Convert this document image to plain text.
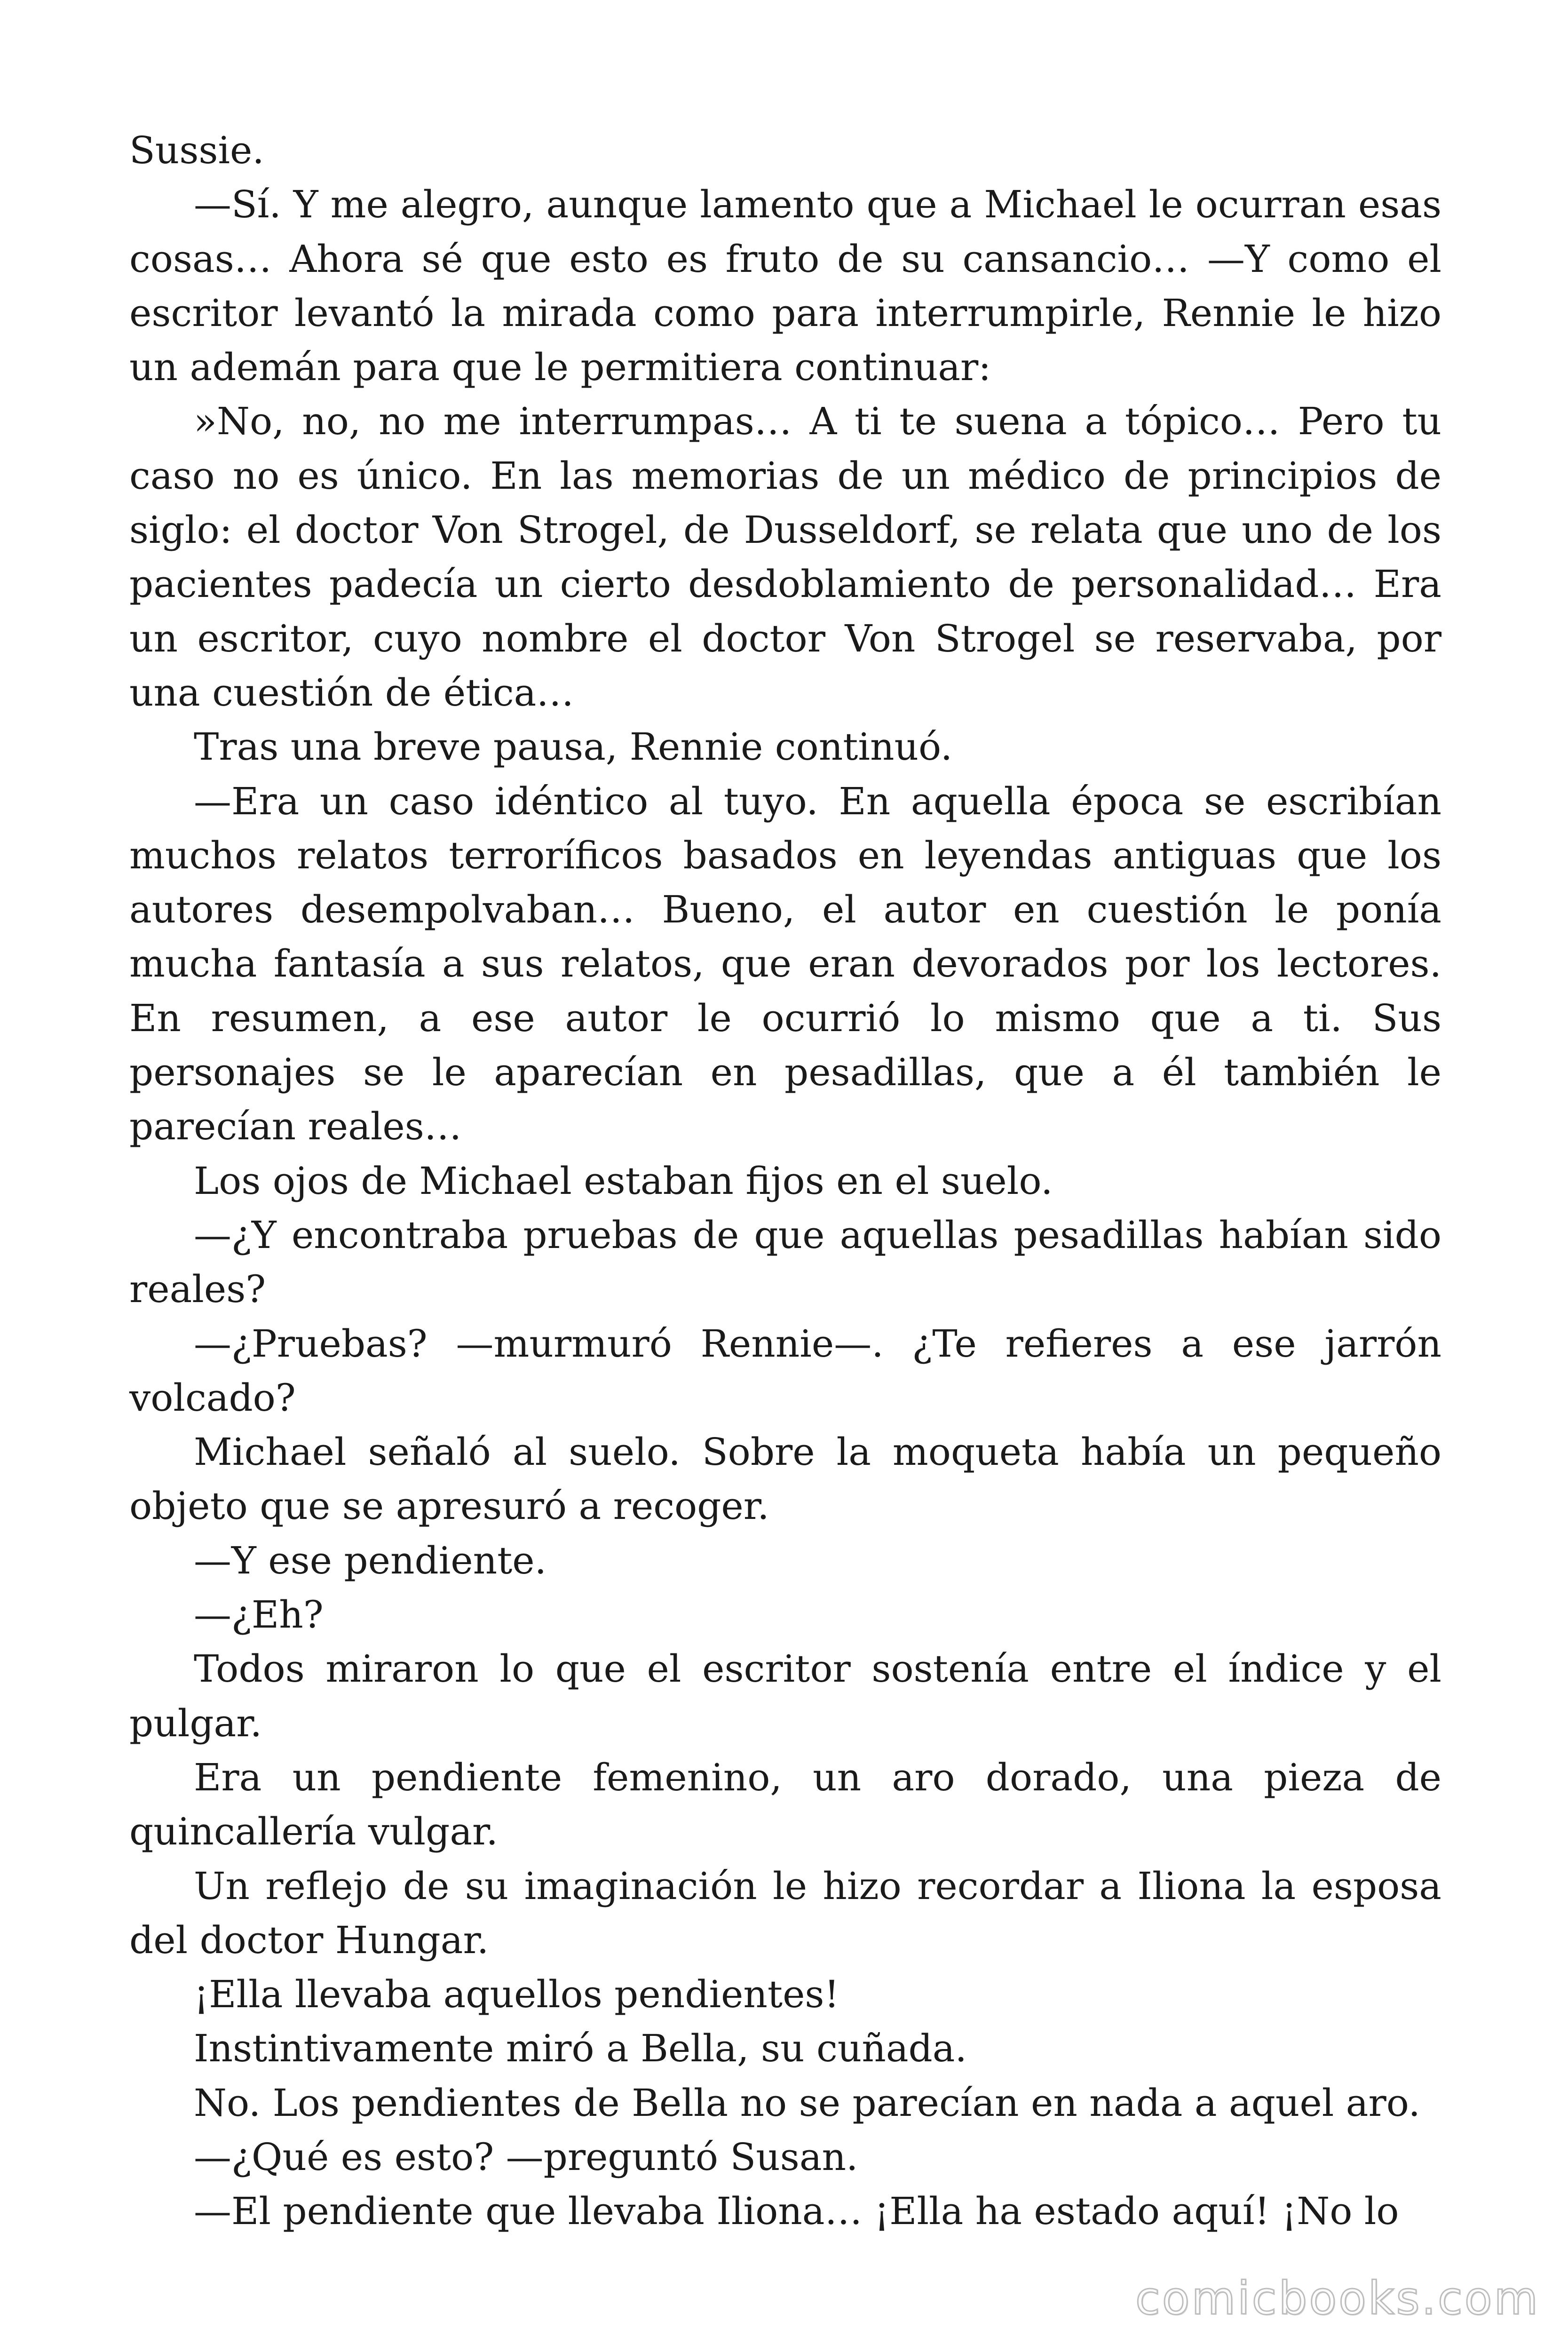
Sussie.

—Sí. Y me alegro, aunque lamento que a Michael le ocurran esas cosas… Ahora sé que esto es fruto de su cansancio… —Y como el escritor levantó la mirada como para interrumpirle, Rennie le hizo un ademán para que le permitiera continuar:

»No, no, no me interrumpas… A ti te suena a tópico… Pero tu caso no es único. En las memorias de un médico de principios de siglo: el doctor Von Strogel, de Dusseldorf, se relata que uno de los pacientes padecía un cierto desdoblamiento de personalidad… Era un escritor, cuyo nombre el doctor Von Strogel se reservaba, por una cuestión de ética…

Tras una breve pausa, Rennie continuó.

—Era un caso idéntico al tuyo. En aquella época se escribían muchos relatos terroríficos basados en leyendas antiguas que los autores desempolvaban… Bueno, el autor en cuestión le ponía mucha fantasía a sus relatos, que eran devorados por los lectores. En resumen, a ese autor le ocurrió lo mismo que a ti. Sus personajes se le aparecían en pesadillas, que a él también le parecían reales…

Los ojos de Michael estaban fijos en el suelo.

—¿Y encontraba pruebas de que aquellas pesadillas habían sido reales?

—¿Pruebas? —murmuró Rennie—. ¿Te refieres a ese jarrón volcado?

Michael señaló al suelo. Sobre la moqueta había un pequeño objeto que se apresuró a recoger.

—Y ese pendiente.

—¿Eh?

Todos miraron lo que el escritor sostenía entre el índice y el pulgar.

Era un pendiente femenino, un aro dorado, una pieza de quincallería vulgar.

Un reflejo de su imaginación le hizo recordar a Iliona la esposa del doctor Hungar.

¡Ella llevaba aquellos pendientes!

Instintivamente miró a Bella, su cuñada.

No. Los pendientes de Bella no se parecían en nada a aquel aro.

—¿Qué es esto? —preguntó Susan.

—El pendiente que llevaba Iliona… ¡Ella ha estado aquí! ¡No lo

comicbooks.com
